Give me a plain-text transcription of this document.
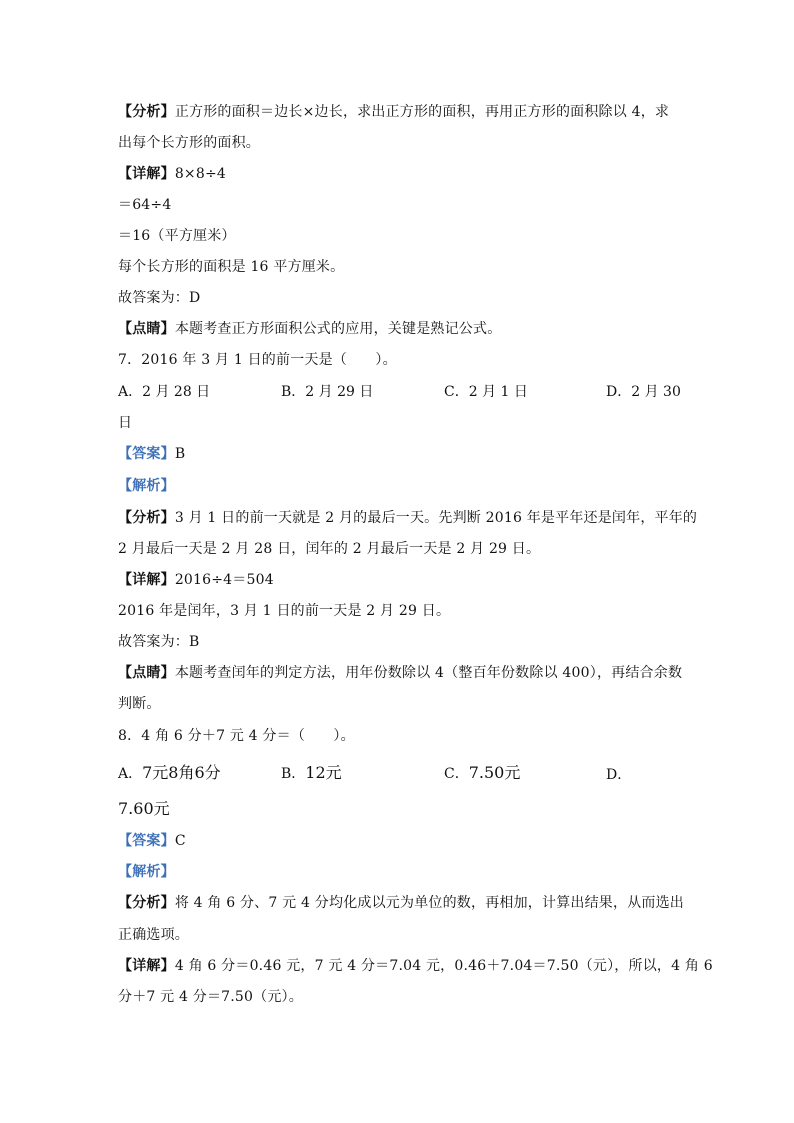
【分析】正方形的面积＝边长×边长，求出正方形的面积，再用正方形的面积除以 4，求
出每个长方形的面积。
【详解】8×8÷4
＝64÷4
＝16（平方厘米）
每个长方形的面积是 16 平方厘米。
故答案为：D
【点睛】本题考查正方形面积公式的应用，关键是熟记公式。
7．2016 年 3 月 1 日的前一天是（　　）。
A．2 月 28 日	B．2 月 29 日	C．2 月 1 日	D．2 月 30
日
【答案】B
【解析】
【分析】3 月 1 日的前一天就是 2 月的最后一天。先判断 2016 年是平年还是闰年，平年的
2 月最后一天是 2 月 28 日，闰年的 2 月最后一天是 2 月 29 日。
【详解】2016÷4＝504
2016 年是闰年，3 月 1 日的前一天是 2 月 29 日。
故答案为：B
【点睛】本题考查闰年的判定方法，用年份数除以 4（整百年份数除以 400），再结合余数
判断。
8．4 角 6 分＋7 元 4 分＝（　　）。
A．7元8角6分	B．12元	C．7.50元	D．
7.60元
【答案】C
【解析】
【分析】将 4 角 6 分、7 元 4 分均化成以元为单位的数，再相加，计算出结果，从而选出
正确选项。
【详解】4 角 6 分＝0.46 元，7 元 4 分＝7.04 元，0.46＋7.04＝7.50（元），所以，4 角 6
分＋7 元 4 分＝7.50（元）。
